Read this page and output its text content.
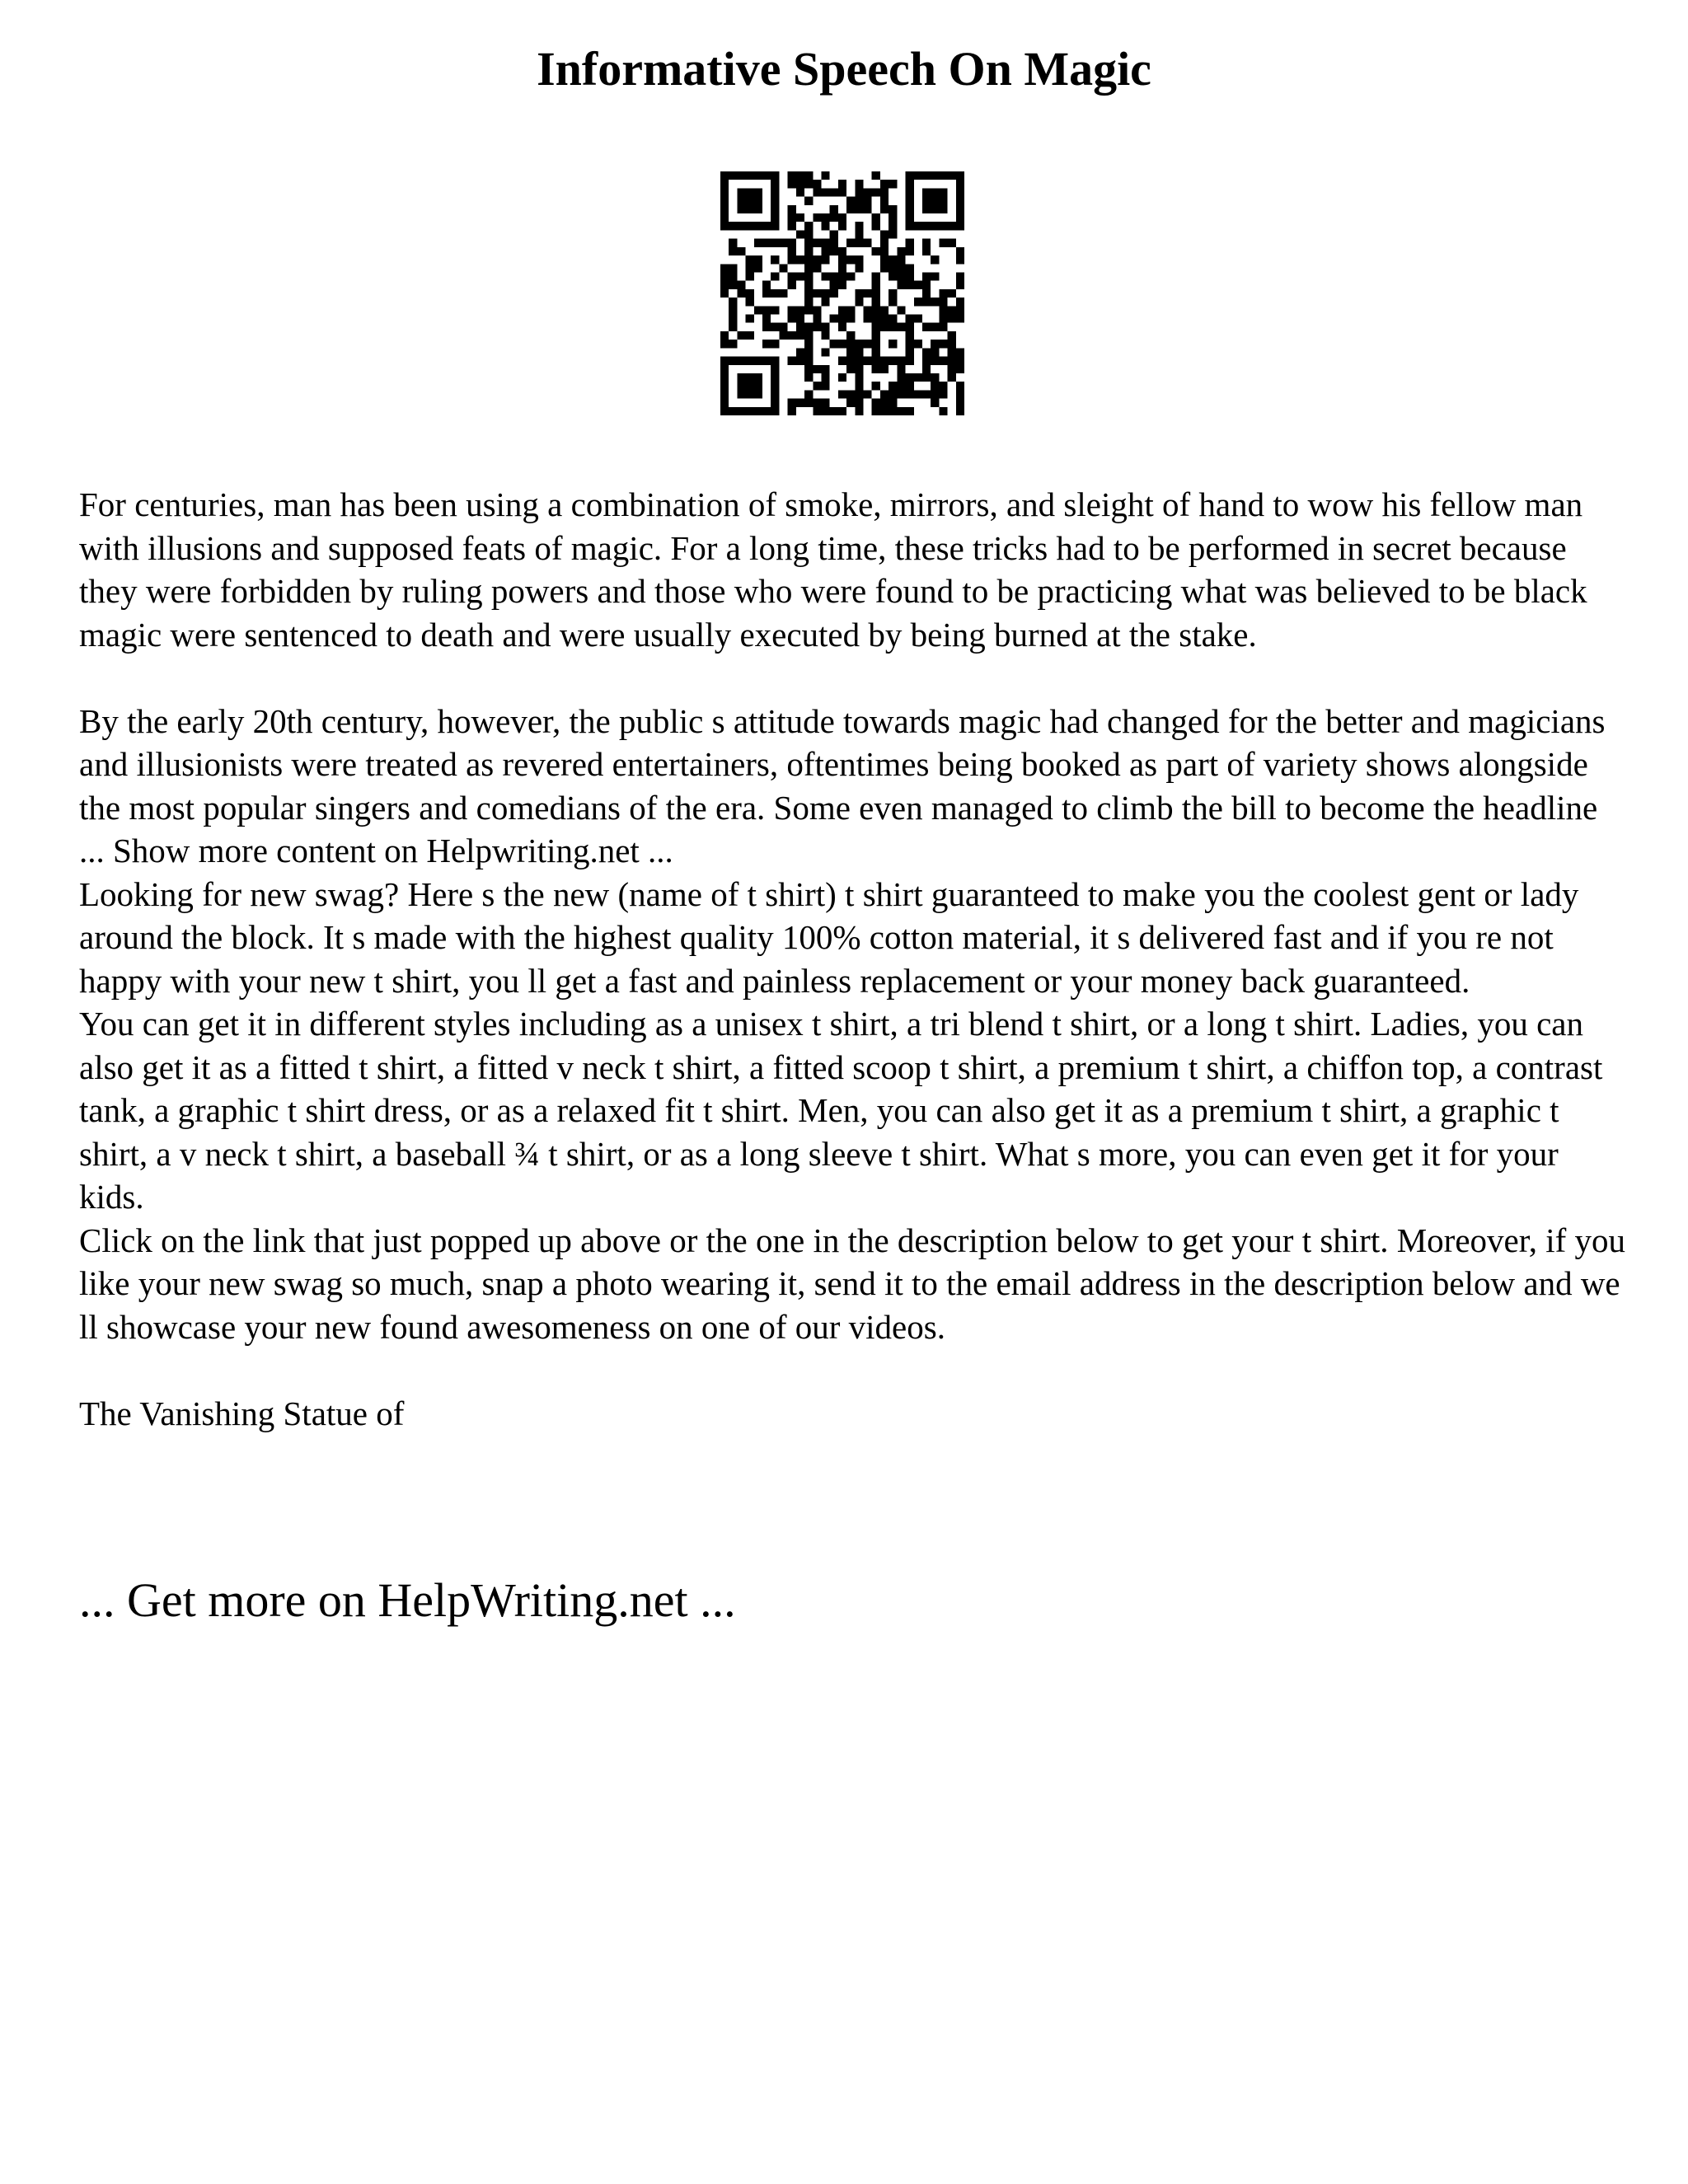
Informative Speech On Magic

For centuries, man has been using a combination of smoke, mirrors, and sleight of hand to wow his fellow man with illusions and supposed feats of magic. For a long time, these tricks had to be performed in secret because they were forbidden by ruling powers and those who were found to be practicing what was believed to be black magic were sentenced to death and were usually executed by being burned at the stake.

By the early 20th century, however, the public s attitude towards magic had changed for the better and magicians and illusionists were treated as revered entertainers, oftentimes being booked as part of variety shows alongside the most popular singers and comedians of the era. Some even managed to climb the bill to become the headline ... Show more content on Helpwriting.net ...

Looking for new swag? Here s the new (name of t shirt) t shirt guaranteed to make you the coolest gent or lady around the block. It s made with the highest quality 100% cotton material, it s delivered fast and if you re not happy with your new t shirt, you ll get a fast and painless replacement or your money back guaranteed.

You can get it in different styles including as a unisex t shirt, a tri blend t shirt, or a long t shirt. Ladies, you can also get it as a fitted t shirt, a fitted v neck t shirt, a fitted scoop t shirt, a premium t shirt, a chiffon top, a contrast tank, a graphic t shirt dress, or as a relaxed fit t shirt. Men, you can also get it as a premium t shirt, a graphic t shirt, a v neck t shirt, a baseball ¾ t shirt, or as a long sleeve t shirt. What s more, you can even get it for your kids.

Click on the link that just popped up above or the one in the description below to get your t shirt. Moreover, if you like your new swag so much, snap a photo wearing it, send it to the email address in the description below and we ll showcase your new found awesomeness on one of our videos.

The Vanishing Statue of

... Get more on HelpWriting.net ...
